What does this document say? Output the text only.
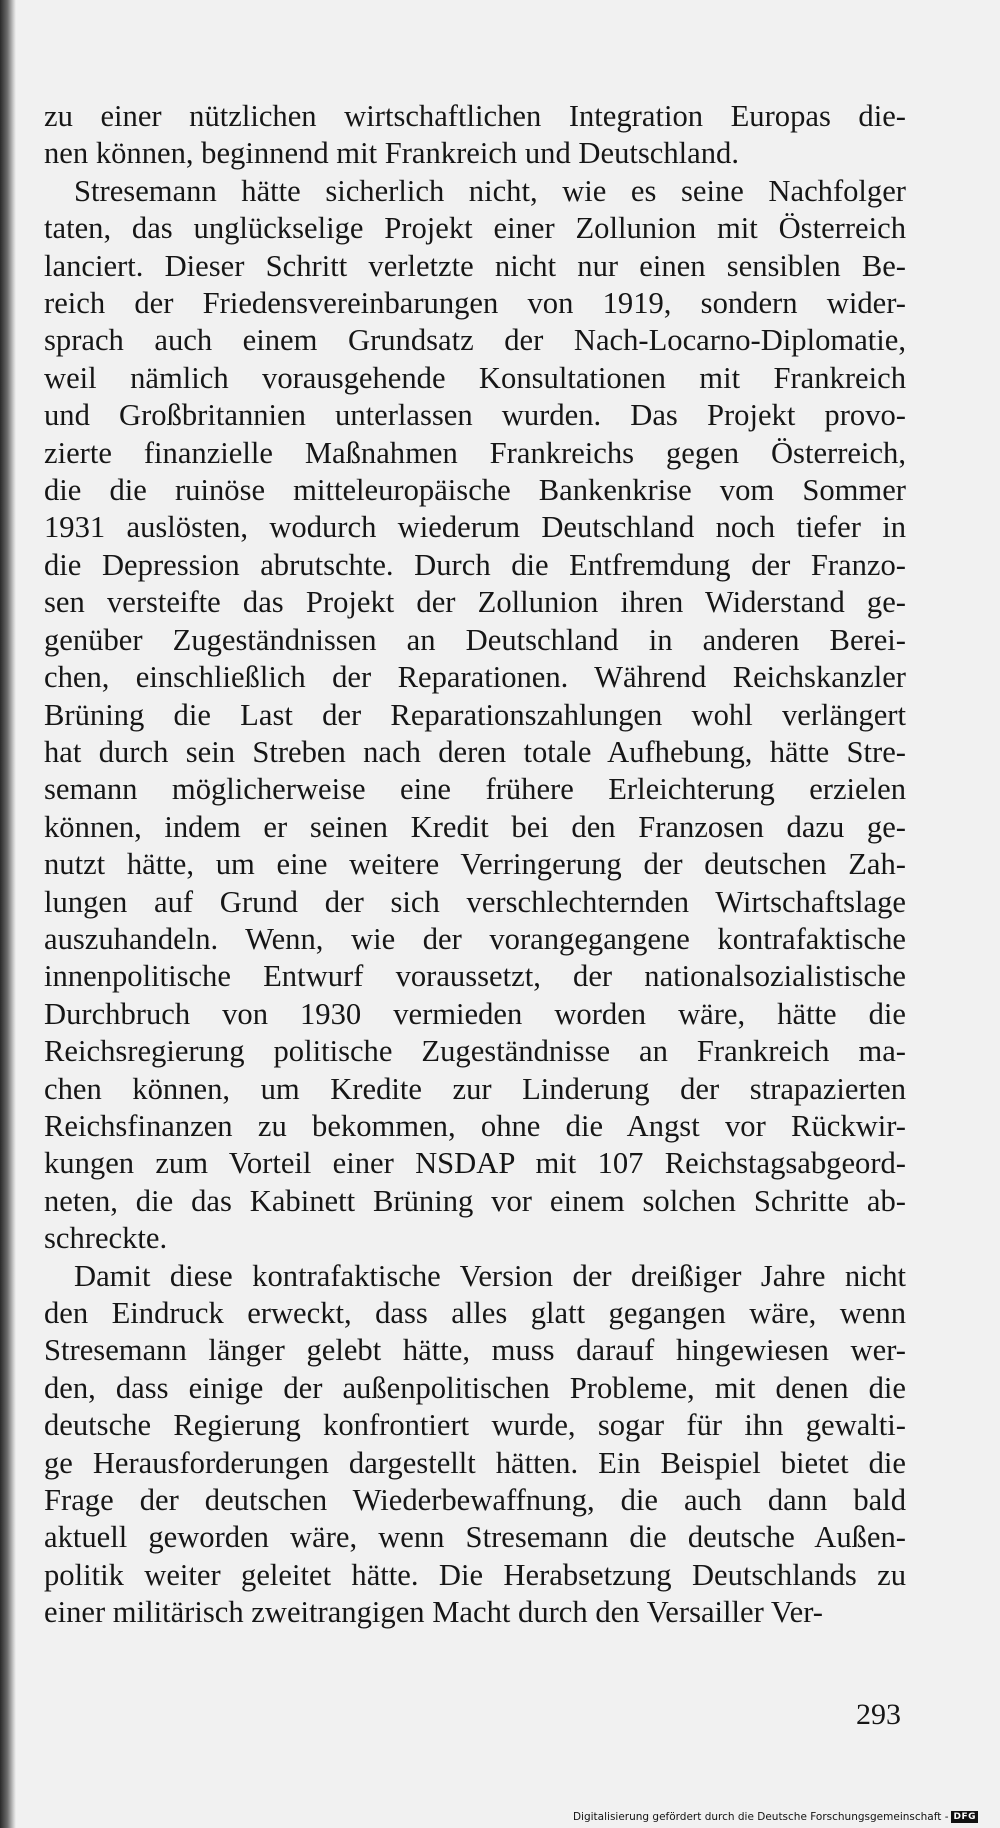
zu einer nützlichen wirtschaftlichen Integration Europas die-
nen können, beginnend mit Frankreich und Deutschland.

Stresemann hätte sicherlich nicht, wie es seine Nachfolger
taten, das unglückselige Projekt einer Zollunion mit Österreich
lanciert. Dieser Schritt verletzte nicht nur einen sensiblen Be-
reich der Friedensvereinbarungen von 1919, sondern wider-
sprach auch einem Grundsatz der Nach-Locarno-Diplomatie,
weil nämlich vorausgehende Konsultationen mit Frankreich
und Großbritannien unterlassen wurden. Das Projekt provo-
zierte finanzielle Maßnahmen Frankreichs gegen Österreich,
die die ruinöse mitteleuropäische Bankenkrise vom Sommer
1931 auslösten, wodurch wiederum Deutschland noch tiefer in
die Depression abrutschte. Durch die Entfremdung der Franzo-
sen versteifte das Projekt der Zollunion ihren Widerstand ge-
genüber Zugeständnissen an Deutschland in anderen Berei-
chen, einschließlich der Reparationen. Während Reichskanzler
Brüning die Last der Reparationszahlungen wohl verlängert
hat durch sein Streben nach deren totale Aufhebung, hätte Stre-
semann möglicherweise eine frühere Erleichterung erzielen
können, indem er seinen Kredit bei den Franzosen dazu ge-
nutzt hätte, um eine weitere Verringerung der deutschen Zah-
lungen auf Grund der sich verschlechternden Wirtschaftslage
auszuhandeln. Wenn, wie der vorangegangene kontrafaktische
innenpolitische Entwurf voraussetzt, der nationalsozialistische
Durchbruch von 1930 vermieden worden wäre, hätte die
Reichsregierung politische Zugeständnisse an Frankreich ma-
chen können, um Kredite zur Linderung der strapazierten
Reichsfinanzen zu bekommen, ohne die Angst vor Rückwir-
kungen zum Vorteil einer NSDAP mit 107 Reichstagsabgeord-
neten, die das Kabinett Brüning vor einem solchen Schritte ab-
schreckte.

Damit diese kontrafaktische Version der dreißiger Jahre nicht
den Eindruck erweckt, dass alles glatt gegangen wäre, wenn
Stresemann länger gelebt hätte, muss darauf hingewiesen wer-
den, dass einige der außenpolitischen Probleme, mit denen die
deutsche Regierung konfrontiert wurde, sogar für ihn gewalti-
ge Herausforderungen dargestellt hätten. Ein Beispiel bietet die
Frage der deutschen Wiederbewaffnung, die auch dann bald
aktuell geworden wäre, wenn Stresemann die deutsche Außen-
politik weiter geleitet hätte. Die Herabsetzung Deutschlands zu
einer militärisch zweitrangigen Macht durch den Versailler Ver-

293
Digitalisierung gefördert durch die Deutsche Forschungsgemeinschaft - DFG
